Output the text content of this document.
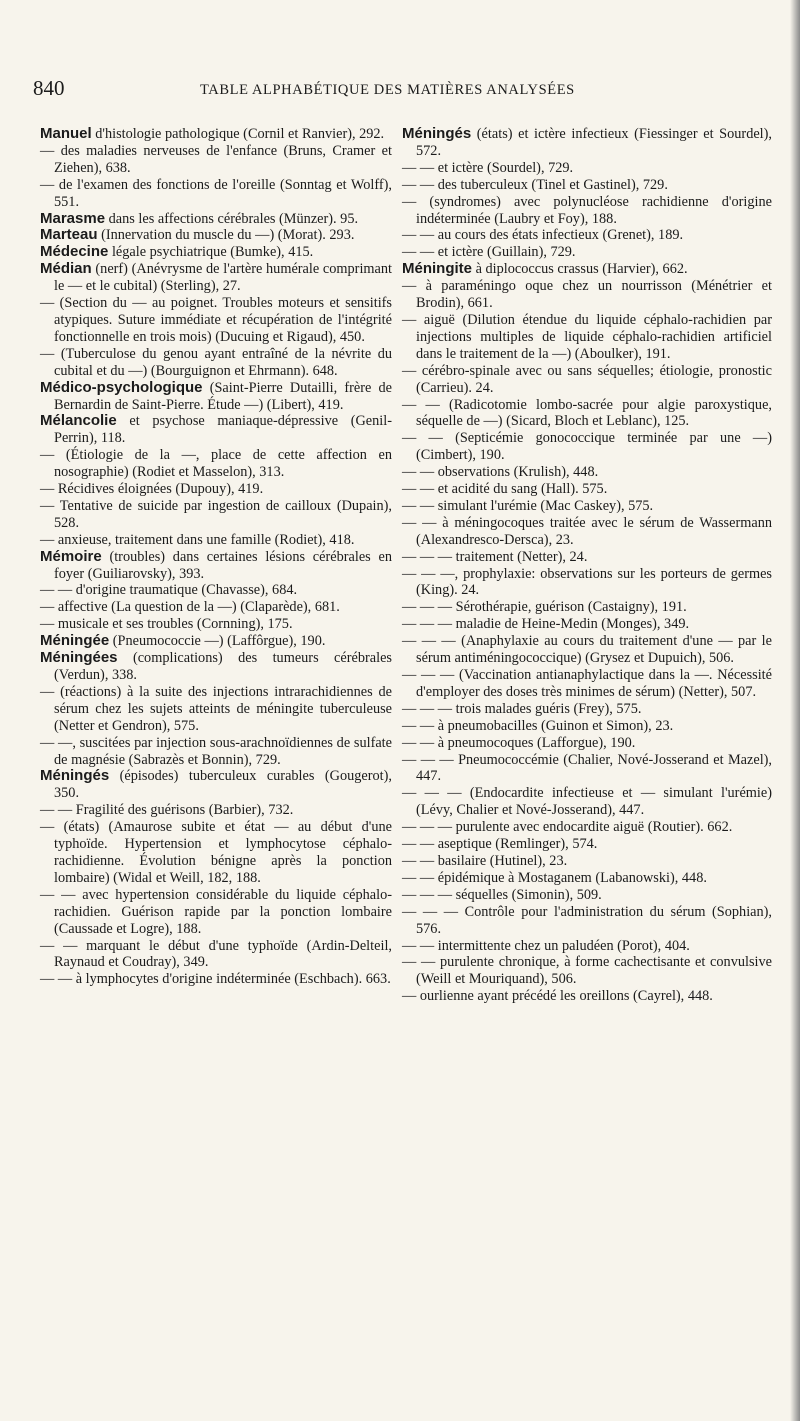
840	TABLE ALPHABÉTIQUE DES MATIÈRES ANALYSÉES

Manuel d'histologie pathologique (Cornil et Ranvier), 292.

— des maladies nerveuses de l'enfance (Bruns, Cramer et Ziehen), 638.

— de l'examen des fonctions de l'oreille (Sonntag et Wolff), 551.

Marasme dans les affections cérébrales (Münzer). 95.

Marteau (Innervation du muscle du —) (Morat). 293.

Médecine légale psychiatrique (Bumke), 415.

Médian (nerf) (Anévrysme de l'artère humérale comprimant le — et le cubital) (Sterling), 27.

— (Section du — au poignet. Troubles moteurs et sensitifs atypiques. Suture immédiate et récupération de l'intégrité fonctionnelle en trois mois) (Ducuing et Rigaud), 450.

— (Tuberculose du genou ayant entraîné de la névrite du cubital et du —) (Bourguignon et Ehrmann). 648.

Médico-psychologique (Saint-Pierre Dutailli, frère de Bernardin de Saint-Pierre. Étude —) (Libert), 419.

Mélancolie et psychose maniaque-dépressive (Genil-Perrin), 118.

— (Étiologie de la —, place de cette affection en nosographie) (Rodiet et Masselon), 313.

— Récidives éloignées (Dupouy), 419.

— Tentative de suicide par ingestion de cailloux (Dupain), 528.

— anxieuse, traitement dans une famille (Rodiet), 418.

Mémoire (troubles) dans certaines lésions cérébrales en foyer (Guiliarovsky), 393.

— — d'origine traumatique (Chavasse), 684.

— affective (La question de la —) (Claparède), 681.

— musicale et ses troubles (Cornning), 175.

Méningée (Pneumococcie —) (Laffôrgue), 190.

Méningées (complications) des tumeurs cérébrales (Verdun), 338.

— (réactions) à la suite des injections intrarachidiennes de sérum chez les sujets atteints de méningite tuberculeuse (Netter et Gendron), 575.

— —, suscitées par injection sous-arachnoïdiennes de sulfate de magnésie (Sabrazès et Bonnin), 729.

Méningés (épisodes) tuberculeux curables (Gougerot), 350.

— — Fragilité des guérisons (Barbier), 732.

— (états) (Amaurose subite et état — au début d'une typhoïde. Hypertension et lymphocytose céphalo-rachidienne. Évolution bénigne après la ponction lombaire) (Widal et Weill, 182, 188.

— — avec hypertension considérable du liquide céphalo-rachidien. Guérison rapide par la ponction lombaire (Caussade et Logre), 188.

— — marquant le début d'une typhoïde (Ardin-Delteil, Raynaud et Coudray), 349.

— — à lymphocytes d'origine indéterminée (Eschbach). 663.

Méningés (états) et ictère infectieux (Fiessinger et Sourdel), 572.

— — et ictère (Sourdel), 729.

— — des tuberculeux (Tinel et Gastinel), 729.

— (syndromes) avec polynucléose rachidienne d'origine indéterminée (Laubry et Foy), 188.

— — au cours des états infectieux (Grenet), 189.

— — et ictère (Guillain), 729.

Méningite à diplococcus crassus (Harvier), 662.

— à paraméningo oque chez un nourrisson (Ménétrier et Brodin), 661.

— aiguë (Dilution étendue du liquide céphalo-rachidien par injections multiples de liquide céphalo-rachidien artificiel dans le traitement de la —) (Aboulker), 191.

— cérébro-spinale avec ou sans séquelles; étiologie, pronostic (Carrieu). 24.

— — (Radicotomie lombo-sacrée pour algie paroxystique, séquelle de —) (Sicard, Bloch et Leblanc), 125.

— — (Septicémie gonococcique terminée par une —) (Cimbert), 190.

— — observations (Krulish), 448.

— — et acidité du sang (Hall). 575.

— — simulant l'urémie (Mac Caskey), 575.

— — à méningocoques traitée avec le sérum de Wassermann (Alexandresco-Dersca), 23.

— — — traitement (Netter), 24.

— — —, prophylaxie: observations sur les porteurs de germes (King). 24.

— — — Sérothérapie, guérison (Castaigny), 191.

— — — maladie de Heine-Medin (Monges), 349.

— — — (Anaphylaxie au cours du traitement d'une — par le sérum antiméningococcique) (Grysez et Dupuich), 506.

— — — (Vaccination antianaphylactique dans la —. Nécessité d'employer des doses très minimes de sérum) (Netter), 507.

— — — trois malades guéris (Frey), 575.

— — à pneumobacilles (Guinon et Simon), 23.

— — à pneumocoques (Lafforgue), 190.

— — — Pneumococcémie (Chalier, Nové-Josserand et Mazel), 447.

— — — (Endocardite infectieuse et — simulant l'urémie) (Lévy, Chalier et Nové-Josserand), 447.

— — — purulente avec endocardite aiguë (Routier). 662.

— — aseptique (Remlinger), 574.

— — basilaire (Hutinel), 23.

— — épidémique à Mostaganem (Labanowski), 448.

— — — séquelles (Simonin), 509.

— — — Contrôle pour l'administration du sérum (Sophian), 576.

— — intermittente chez un paludéen (Porot), 404.

— — purulente chronique, à forme cachectisante et convulsive (Weill et Mouriquand), 506.

— ourlienne ayant précédé les oreillons (Cayrel), 448.
